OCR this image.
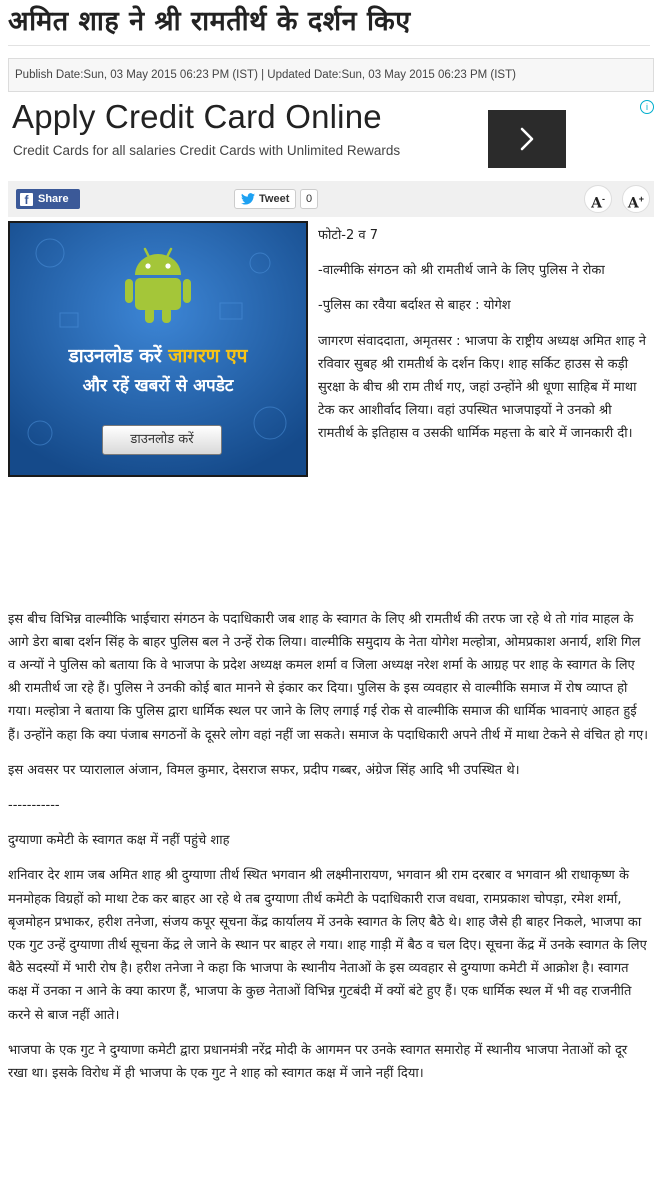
अमित शाह ने श्री रामतीर्थ के दर्शन किए
Publish Date:Sun, 03 May 2015 06:23 PM (IST) | Updated Date:Sun, 03 May 2015 06:23 PM (IST)
Apply Credit Card Online
Credit Cards for all salaries Credit Cards with Unlimited Rewards
i
f Share	Tweet	0	A-	A+
डाउनलोड करें जागरण एप
और रहें खबरों से अपडेट
डाउनलोड करें

फोटो-2 व 7

-वाल्मीकि संगठन को श्री रामतीर्थ जाने के लिए पुलिस ने रोका

-पुलिस का रवैया बर्दाश्त से बाहर : योगेश

जागरण संवाददाता, अमृतसर : भाजपा के राष्ट्रीय अध्यक्ष अमित शाह ने रविवार सुबह श्री रामतीर्थ के दर्शन किए। शाह सर्किट हाउस से कड़ी सुरक्षा के बीच श्री राम तीर्थ गए, जहां उन्होंने श्री धूणा साहिब में माथा टेक कर आशीर्वाद लिया। वहां उपस्थित भाजपाइयों ने उनको श्री रामतीर्थ के इतिहास व उसकी धार्मिक महत्ता के बारे में जानकारी दी।

इस बीच विभिन्न वाल्मीकि भाईचारा संगठन के पदाधिकारी जब शाह के स्वागत के लिए श्री रामतीर्थ की तरफ जा रहे थे तो गांव माहल के आगे डेरा बाबा दर्शन सिंह के बाहर पुलिस बल ने उन्हें रोक लिया। वाल्मीकि समुदाय के नेता योगेश मल्होत्रा, ओमप्रकाश अनार्य, शशि गिल व अन्यों ने पुलिस को बताया कि वे भाजपा के प्रदेश अध्यक्ष कमल शर्मा व जिला अध्यक्ष नरेश शर्मा के आग्रह पर शाह के स्वागत के लिए श्री रामतीर्थ जा रहे हैं। पुलिस ने उनकी कोई बात मानने से इंकार कर दिया। पुलिस के इस व्यवहार से वाल्मीकि समाज में रोष व्याप्त हो गया। मल्होत्रा ने बताया कि पुलिस द्वारा धार्मिक स्थल पर जाने के लिए लगाई गई रोक से वाल्मीकि समाज की धार्मिक भावनाएं आहत हुई हैं। उन्होंने कहा कि क्या पंजाब सगठनों के दूसरे लोग वहां नहीं जा सकते। समाज के पदाधिकारी अपने तीर्थ में माथा टेकने से वंचित हो गए।

इस अवसर पर प्यारालाल अंजान, विमल कुमार, देसराज सफर, प्रदीप गब्बर, अंग्रेज सिंह आदि भी उपस्थित थे।

-----------

दुग्याणा कमेटी के स्वागत कक्ष में नहीं पहुंचे शाह

शनिवार देर शाम जब अमित शाह श्री दुग्याणा तीर्थ स्थित भगवान श्री लक्ष्मीनारायण, भगवान श्री राम दरबार व भगवान श्री राधाकृष्ण के मनमोहक विग्रहों को माथा टेक कर बाहर आ रहे थे तब दुग्याणा तीर्थ कमेटी के पदाधिकारी राज वधवा, रामप्रकाश चोपड़ा, रमेश शर्मा, बृजमोहन प्रभाकर, हरीश तनेजा, संजय कपूर सूचना केंद्र कार्यालय में उनके स्वागत के लिए बैठे थे। शाह जैसे ही बाहर निकले, भाजपा का एक गुट उन्हें दुग्याणा तीर्थ सूचना केंद्र ले जाने के स्थान पर बाहर ले गया। शाह गाड़ी में बैठ व चल दिए। सूचना केंद्र में उनके स्वागत के लिए बैठे सदस्यों में भारी रोष है। हरीश तनेजा ने कहा कि भाजपा के स्थानीय नेताओं के इस व्यवहार से दुग्याणा कमेटी में आक्रोश है। स्वागत कक्ष में उनका न आने के क्या कारण हैं, भाजपा के कुछ नेताओं विभिन्न गुटबंदी में क्यों बंटे हुए हैं। एक धार्मिक स्थल में भी वह राजनीति करने से बाज नहीं आते।

भाजपा के एक गुट ने दुग्याणा कमेटी द्वारा प्रधानमंत्री नरेंद्र मोदी के आगमन पर उनके स्वागत समारोह में स्थानीय भाजपा नेताओं को दूर रखा था। इसके विरोध में ही भाजपा के एक गुट ने शाह को स्वागत कक्ष में जाने नहीं दिया।
